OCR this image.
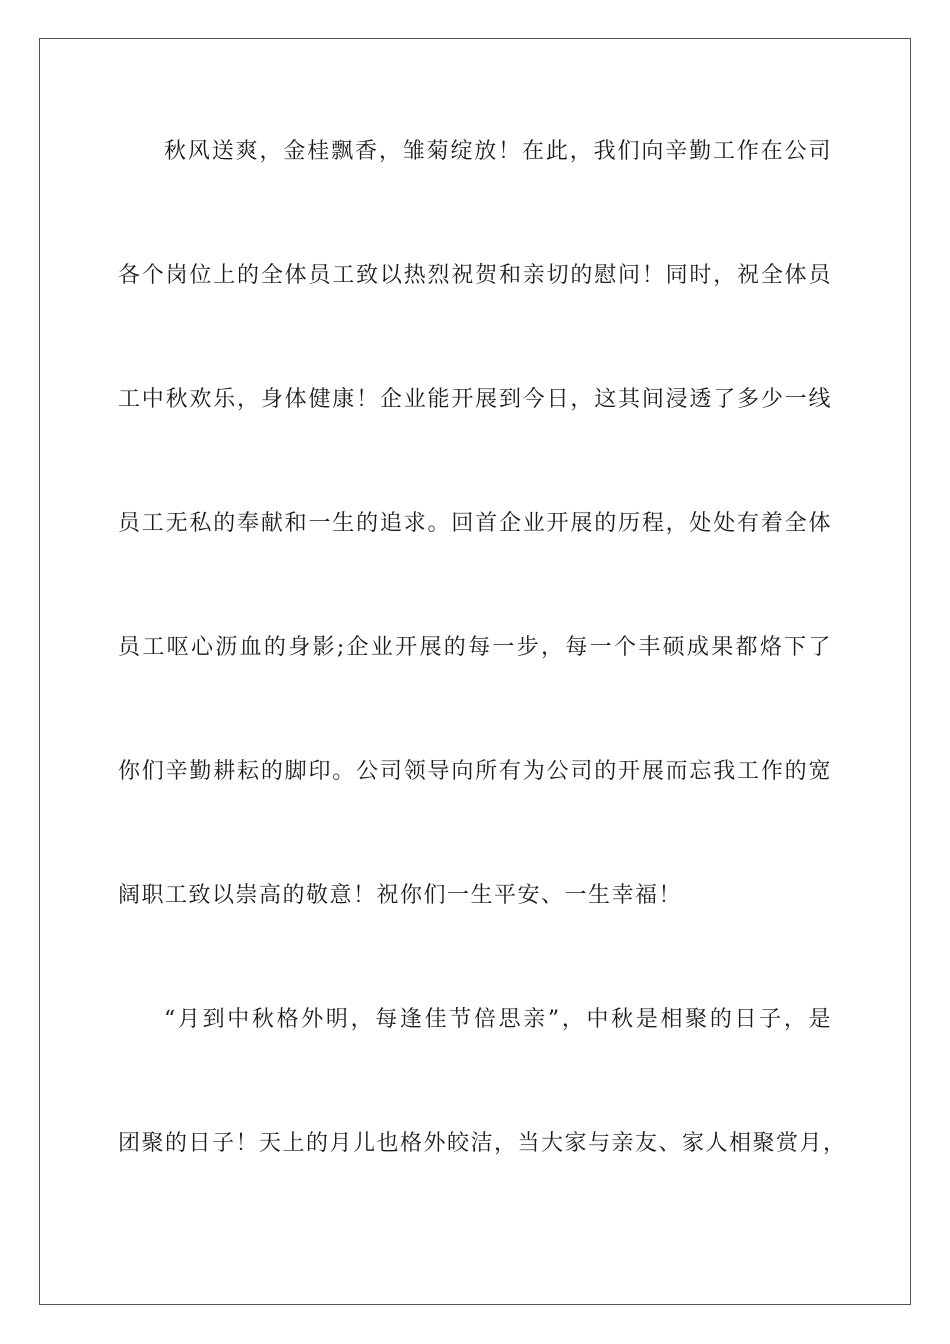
秋风送爽，金桂飘香，雏菊绽放！在此，我们向辛勤工作在公司
各个岗位上的全体员工致以热烈祝贺和亲切的慰问！同时，祝全体员
工中秋欢乐，身体健康！企业能开展到今日，这其间浸透了多少一线
员工无私的奉献和一生的追求。回首企业开展的历程，处处有着全体
员工呕心沥血的身影;企业开展的每一步，每一个丰硕成果都烙下了
你们辛勤耕耘的脚印。公司领导向所有为公司的开展而忘我工作的宽
阔职工致以崇高的敬意！祝你们一生平安、一生幸福！
“月到中秋格外明，每逢佳节倍思亲”，中秋是相聚的日子，是
团聚的日子！天上的月儿也格外皎洁，当大家与亲友、家人相聚赏月，
